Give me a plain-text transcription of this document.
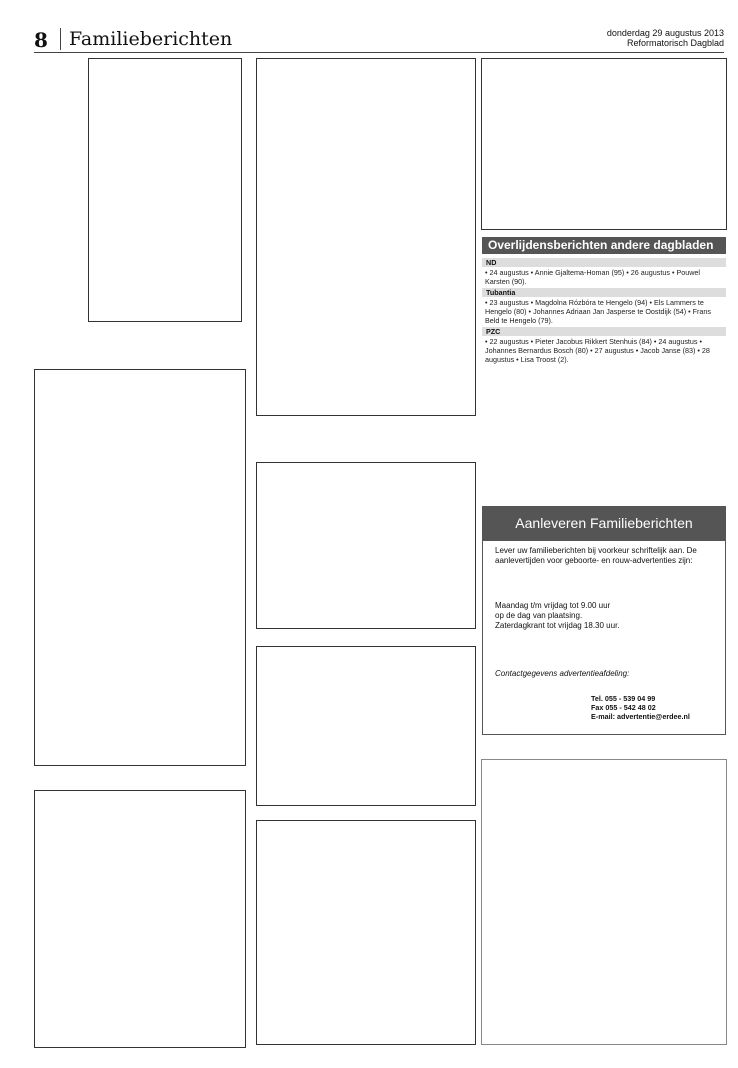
8	Familieberichten	donderdag 29 augustus 2013
Reformatorisch Dagblad
Overlijdensberichten andere dagbladen
ND
• 24 augustus • Annie Gjaltema-Homan (95) • 26 augustus • Pouwel Karsten (90).
Tubantia
• 23 augustus • Magdolna Rózbóra te Hengelo (94) • Els Lammers te Hengelo (80) • Johannes Adriaan Jan Jasperse te Oostdijk (54) • Frans Beld te Hengelo (79).
PZC
• 22 augustus • Pieter Jacobus Rikkert Stenhuis (84) • 24 augustus • Johannes Bernardus Bosch (80) • 27 augustus • Jacob Janse (83) • 28 augustus • Lisa Troost (2).
Aanleveren Familieberichten
Lever uw familieberichten bij voorkeur schriftelijk aan. De aanlevertijden voor geboorte- en rouw-advertenties zijn:
Maandag t/m vrijdag tot 9.00 uur
op de dag van plaatsing.
Zaterdagkrant tot vrijdag 18.30 uur.
Contactgegevens advertentieafdeling:
Tel. 055 - 539 04 99
Fax 055 - 542 48 02
E-mail: advertentie@erdee.nl
